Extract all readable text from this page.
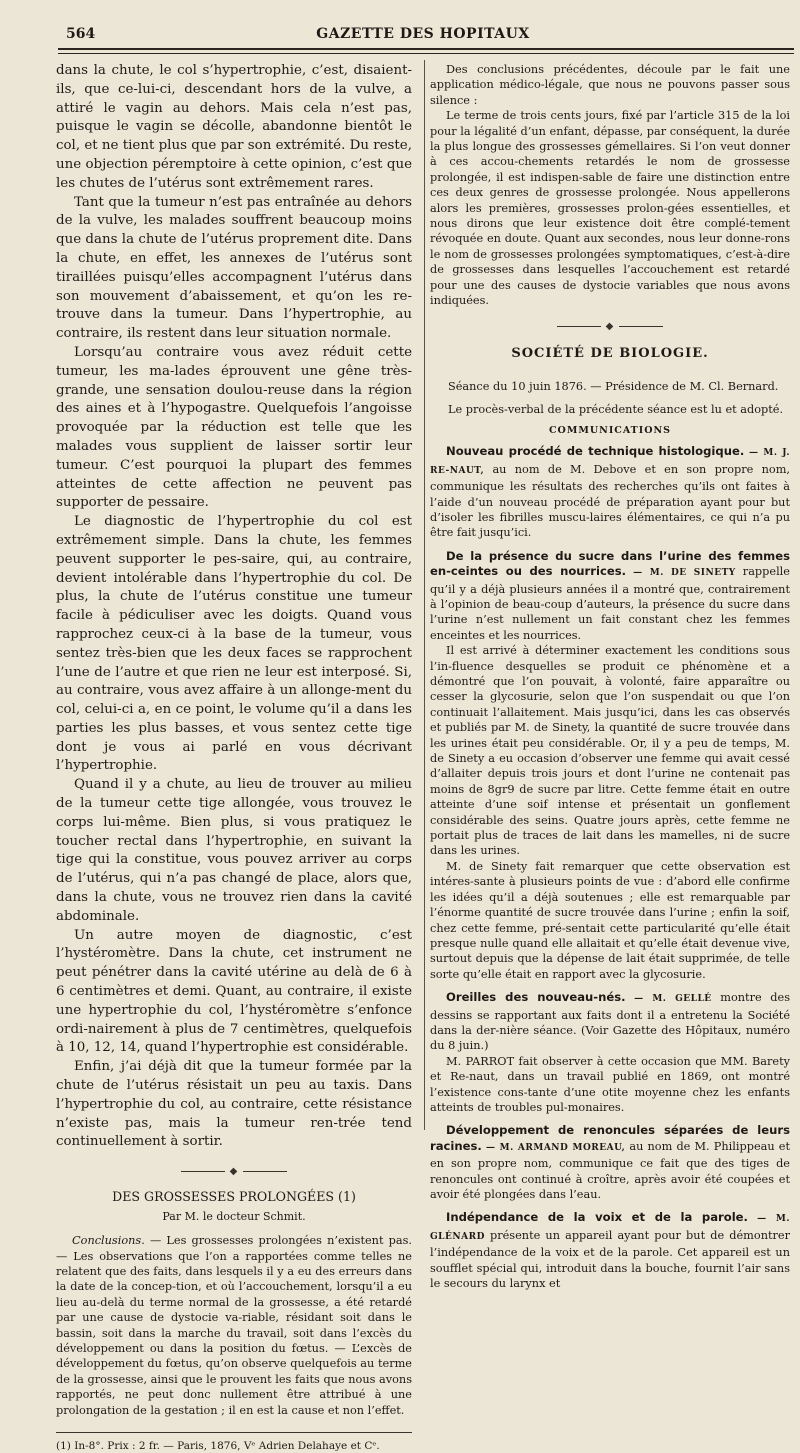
564	GAZETTE DES HOPITAUX

dans la chute, le col s’hypertrophie, c’est, disaient-ils, que ce-lui-ci, descendant hors de la vulve, a attiré le vagin au dehors. Mais cela n’est pas, puisque le vagin se décolle, abandonne bientôt le col, et ne tient plus que par son extrémité. Du reste, une objection péremptoire à cette opinion, c’est que les chutes de l’utérus sont extrêmement rares.

Tant que la tumeur n’est pas entraînée au dehors de la vulve, les malades souffrent beaucoup moins que dans la chute de l’utérus proprement dite. Dans la chute, en effet, les annexes de l’utérus sont tiraillées puisqu’elles accompagnent l’utérus dans son mouvement d’abaissement, et qu’on les re-trouve dans la tumeur. Dans l’hypertrophie, au contraire, ils restent dans leur situation normale.

Lorsqu’au contraire vous avez réduit cette tumeur, les ma-lades éprouvent une gêne très-grande, une sensation doulou-reuse dans la région des aines et à l’hypogastre. Quelquefois l’angoisse provoquée par la réduction est telle que les malades vous supplient de laisser sortir leur tumeur. C’est pourquoi la plupart des femmes atteintes de cette affection ne peuvent pas supporter de pessaire.

Le diagnostic de l’hypertrophie du col est extrêmement simple. Dans la chute, les femmes peuvent supporter le pes-saire, qui, au contraire, devient intolérable dans l’hypertrophie du col. De plus, la chute de l’utérus constitue une tumeur facile à pédiculiser avec les doigts. Quand vous rapprochez ceux-ci à la base de la tumeur, vous sentez très-bien que les deux faces se rapprochent l’une de l’autre et que rien ne leur est interposé. Si, au contraire, vous avez affaire à un allonge-ment du col, celui-ci a, en ce point, le volume qu’il a dans les parties les plus basses, et vous sentez cette tige dont je vous ai parlé en vous décrivant l’hypertrophie.

Quand il y a chute, au lieu de trouver au milieu de la tumeur cette tige allongée, vous trouvez le corps lui-même. Bien plus, si vous pratiquez le toucher rectal dans l’hypertrophie, en suivant la tige qui la constitue, vous pouvez arriver au corps de l’utérus, qui n’a pas changé de place, alors que, dans la chute, vous ne trouvez rien dans la cavité abdominale.

Un autre moyen de diagnostic, c’est l’hystéromètre. Dans la chute, cet instrument ne peut pénétrer dans la cavité utérine au delà de 6 à 6 centimètres et demi. Quant, au contraire, il existe une hypertrophie du col, l’hystéromètre s’enfonce ordi-nairement à plus de 7 centimètres, quelquefois à 10, 12, 14, quand l’hypertrophie est considérable.

Enfin, j’ai déjà dit que la tumeur formée par la chute de l’utérus résistait un peu au taxis. Dans l’hypertrophie du col, au contraire, cette résistance n’existe pas, mais la tumeur ren-trée tend continuellement à sortir.

◆
DES GROSSESSES PROLONGÉES (1)
Par M. le docteur Schmit.

Conclusions. — Les grossesses prolongées n’existent pas. — Les observations que l’on a rapportées comme telles ne relatent que des faits, dans lesquels il y a eu des erreurs dans la date de la concep-tion, et où l’accouchement, lorsqu’il a eu lieu au-delà du terme normal de la grossesse, a été retardé par une cause de dystocie va-riable, résidant soit dans le bassin, soit dans la marche du travail, soit dans l’excès du développement ou dans la position du fœtus. — L’excès de développement du fœtus, qu’on observe quelquefois au terme de la grossesse, ainsi que le prouvent les faits que nous avons rapportés, ne peut donc nullement être attribué à une prolongation de la gestation ; il en est la cause et non l’effet.

(1) In-8°. Prix : 2 fr. — Paris, 1876, Vᵉ Adrien Delahaye et Cᵉ.

Des conclusions précédentes, découle par le fait une application médico-légale, que nous ne pouvons passer sous silence :

Le terme de trois cents jours, fixé par l’article 315 de la loi pour la légalité d’un enfant, dépasse, par conséquent, la durée la plus longue des grossesses gémellaires. Si l’on veut donner à ces accou-chements retardés le nom de grossesse prolongée, il est indispen-sable de faire une distinction entre ces deux genres de grossesse prolongée. Nous appellerons alors les premières, grossesses prolon-gées essentielles, et nous dirons que leur existence doit être complé-tement révoquée en doute. Quant aux secondes, nous leur donne-rons le nom de grossesses prolongées symptomatiques, c’est-à-dire de grossesses dans lesquelles l’accouchement est retardé pour une des causes de dystocie variables que nous avons indiquées.

◆
SOCIÉTÉ DE BIOLOGIE.

Séance du 10 juin 1876. — Présidence de M. Cl. Bernard.

Le procès-verbal de la précédente séance est lu et adopté.

COMMUNICATIONS

Nouveau procédé de technique histologique. — M. J. RE-NAUT, au nom de M. Debove et en son propre nom, communique les résultats des recherches qu’ils ont faites à l’aide d’un nouveau procédé de préparation ayant pour but d’isoler les fibrilles muscu-laires élémentaires, ce qui n’a pu être fait jusqu’ici.

De la présence du sucre dans l’urine des femmes en-ceintes ou des nourrices. — M. DE SINETY rappelle qu’il y a déjà plusieurs années il a montré que, contrairement à l’opinion de beau-coup d’auteurs, la présence du sucre dans l’urine n’est nullement un fait constant chez les femmes enceintes et les nourrices.

Il est arrivé à déterminer exactement les conditions sous l’in-fluence desquelles se produit ce phénomène et a démontré que l’on pouvait, à volonté, faire apparaître ou cesser la glycosurie, selon que l’on suspendait ou que l’on continuait l’allaitement. Mais jusqu’ici, dans les cas observés et publiés par M. de Sinety, la quantité de sucre trouvée dans les urines était peu considérable. Or, il y a peu de temps, M. de Sinety a eu occasion d’observer une femme qui avait cessé d’allaiter depuis trois jours et dont l’urine ne contenait pas moins de 8gr9 de sucre par litre. Cette femme était en outre atteinte d’une soif intense et présentait un gonflement considérable des seins. Quatre jours après, cette femme ne portait plus de traces de lait dans les mamelles, ni de sucre dans les urines.

M. de Sinety fait remarquer que cette observation est intéres-sante à plusieurs points de vue : d’abord elle confirme les idées qu’il a déjà soutenues ; elle est remarquable par l’énorme quantité de sucre trouvée dans l’urine ; enfin la soif, chez cette femme, pré-sentait cette particularité qu’elle était presque nulle quand elle allaitait et qu’elle était devenue vive, surtout depuis que la dépense de lait était supprimée, de telle sorte qu’elle était en rapport avec la glycosurie.

Oreilles des nouveau-nés. — M. GELLÉ montre des dessins se rapportant aux faits dont il a entretenu la Société dans la der-nière séance. (Voir Gazette des Hôpitaux, numéro du 8 juin.)

M. PARROT fait observer à cette occasion que MM. Barety et Re-naut, dans un travail publié en 1869, ont montré l’existence cons-tante d’une otite moyenne chez les enfants atteints de troubles pul-monaires.

Développement de renoncules séparées de leurs racines. — M. ARMAND MOREAU, au nom de M. Philippeau et en son propre nom, communique ce fait que des tiges de renoncules ont continué à croître, après avoir été coupées et avoir été plongées dans l’eau.

Indépendance de la voix et de la parole. — M. GLÉNARD présente un appareil ayant pour but de démontrer l’indépendance de la voix et de la parole. Cet appareil est un soufflet spécial qui, introduit dans la bouche, fournit l’air sans le secours du larynx et
